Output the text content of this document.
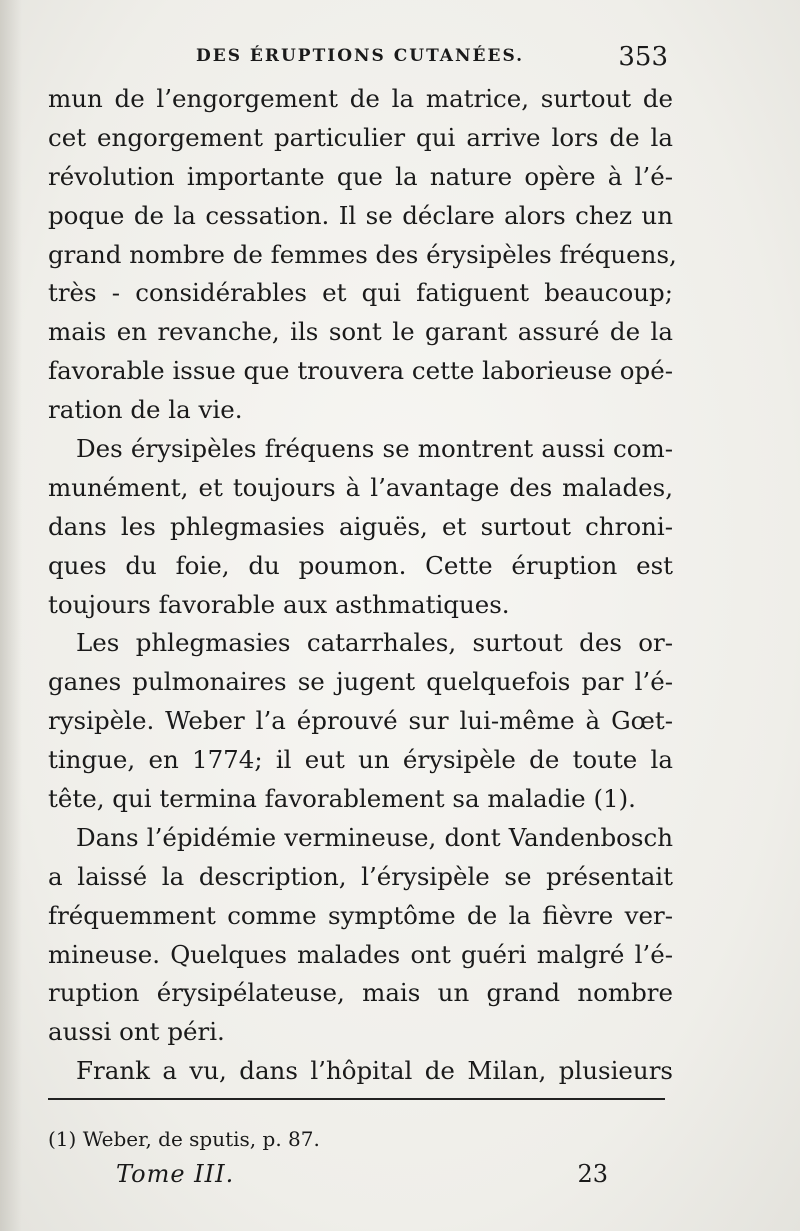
DES ÉRUPTIONS CUTANÉES.	353
mun de l’engorgement de la matrice, surtout de
cet engorgement particulier qui arrive lors de la
révolution importante que la nature opère à l’é-
poque de la cessation. Il se déclare alors chez un
grand nombre de femmes des érysipèles fréquens,
très - considérables et qui fatiguent beaucoup;
mais en revanche, ils sont le garant assuré de la
favorable issue que trouvera cette laborieuse opé-
ration de la vie.
Des érysipèles fréquens se montrent aussi com-
munément, et toujours à l’avantage des malades,
dans les phlegmasies aiguës, et surtout chroni-
ques du foie, du poumon. Cette éruption est
toujours favorable aux asthmatiques.
Les phlegmasies catarrhales, surtout des or-
ganes pulmonaires se jugent quelquefois par l’é-
rysipèle. Weber l’a éprouvé sur lui-même à Gœt-
tingue, en 1774; il eut un érysipèle de toute la
tête, qui termina favorablement sa maladie (1).
Dans l’épidémie vermineuse, dont Vandenbosch
a laissé la description, l’érysipèle se présentait
fréquemment comme symptôme de la fièvre ver-
mineuse. Quelques malades ont guéri malgré l’é-
ruption érysipélateuse, mais un grand nombre
aussi ont péri.
Frank a vu, dans l’hôpital de Milan, plusieurs
(1) Weber, de sputis, p. 87.
Tome III.	23
